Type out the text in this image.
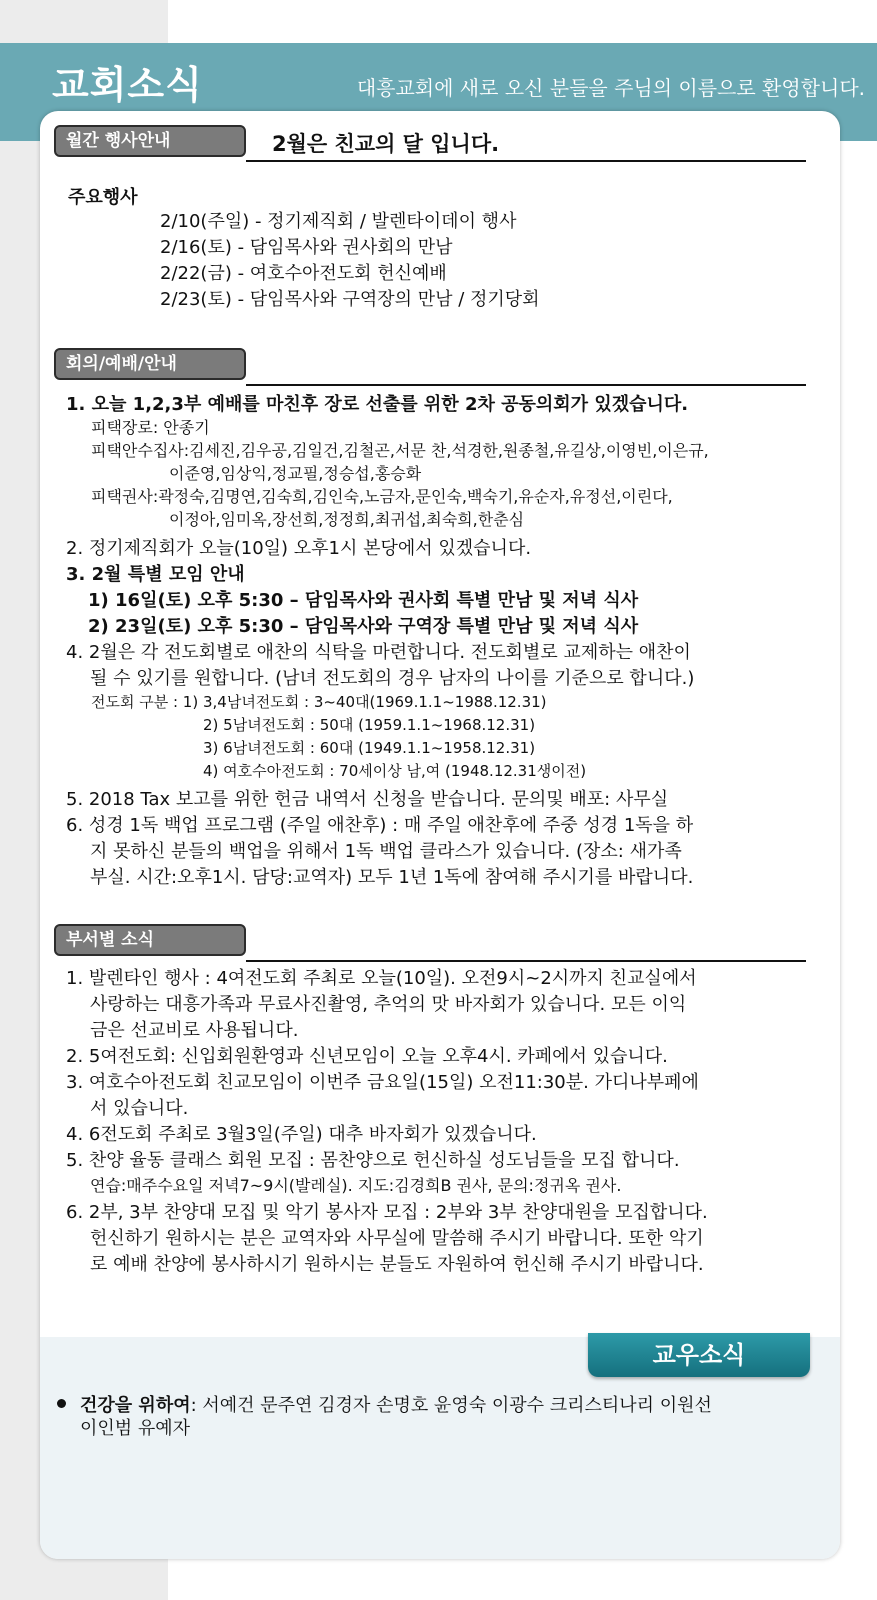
교회소식	대흥교회에 새로 오신 분들을 주님의 이름으로 환영합니다.
월간 행사안내	2월은 친교의 달 입니다.
주요행사
2/10(주일) - 정기제직회 / 발렌타이데이 행사
2/16(토) - 담임목사와 권사회의 만남
2/22(금) - 여호수아전도회 헌신예배
2/23(토) - 담임목사와 구역장의 만남 / 정기당회
회의/예배/안내
1. 오늘 1,2,3부 예배를 마친후 장로 선출를 위한 2차 공동의회가 있겠습니다.
피택장로: 안종기
피택안수집사:김세진,김우공,김일건,김철곤,서문 찬,석경한,원종철,유길상,이영빈,이은규,
이준영,임상익,정교필,정승섭,홍승화
피택권사:곽정숙,김명연,김숙희,김인숙,노금자,문인숙,백숙기,유순자,유정선,이린다,
이정아,임미옥,장선희,정정희,최귀섭,최숙희,한춘심
2. 정기제직회가 오늘(10일) 오후1시 본당에서 있겠습니다.
3. 2월 특별 모임 안내
1) 16일(토) 오후 5:30 – 담임목사와 권사회 특별 만남 및 저녁 식사
2) 23일(토) 오후 5:30 – 담임목사와 구역장 특별 만남 및 저녁 식사
4. 2월은 각 전도회별로 애찬의 식탁을 마련합니다. 전도회별로 교제하는 애찬이
될 수 있기를 원합니다. (남녀 전도회의 경우 남자의 나이를 기준으로 합니다.)
전도회 구분 : 1) 3,4남녀전도회 : 3~40대(1969.1.1~1988.12.31)
2) 5남녀전도회 : 50대 (1959.1.1~1968.12.31)
3) 6남녀전도회 : 60대 (1949.1.1~1958.12.31)
4) 여호수아전도회 : 70세이상 남,여 (1948.12.31생이전)
5. 2018 Tax 보고를 위한 헌금 내역서 신청을 받습니다. 문의및 배포: 사무실
6. 성경 1독 백업 프로그램 (주일 애찬후) : 매 주일 애찬후에 주중 성경 1독을 하
지 못하신 분들의 백업을 위해서 1독 백업 클라스가 있습니다. (장소: 새가족
부실. 시간:오후1시. 담당:교역자) 모두 1년 1독에 참여해 주시기를 바랍니다.
부서별 소식
1. 발렌타인 행사 : 4여전도회 주최로 오늘(10일). 오전9시~2시까지 친교실에서
사랑하는 대흥가족과 무료사진촬영, 추억의 맛 바자회가 있습니다. 모든 이익
금은 선교비로 사용됩니다.
2. 5여전도회: 신입회원환영과 신년모임이 오늘 오후4시. 카페에서 있습니다.
3. 여호수아전도회 친교모임이 이번주 금요일(15일) 오전11:30분. 가디나부페에
서 있습니다.
4. 6전도회 주최로 3월3일(주일) 대추 바자회가 있겠습니다.
5. 찬양 율동 클래스 회원 모집 : 몸찬양으로 헌신하실 성도님들을 모집 합니다.
연습:매주수요일 저녁7~9시(발레실). 지도:김경희B 권사, 문의:정귀옥 권사.
6. 2부, 3부 찬양대 모집 및 악기 봉사자 모집 : 2부와 3부 찬양대원을 모집합니다.
헌신하기 원하시는 분은 교역자와 사무실에 말씀해 주시기 바랍니다. 또한 악기
로 예배 찬양에 봉사하시기 원하시는 분들도 자원하여 헌신해 주시기 바랍니다.
교우소식
건강을 위하여: 서예건 문주연 김경자 손명호 윤영숙 이광수 크리스티나리 이원선
이인범 유예자
